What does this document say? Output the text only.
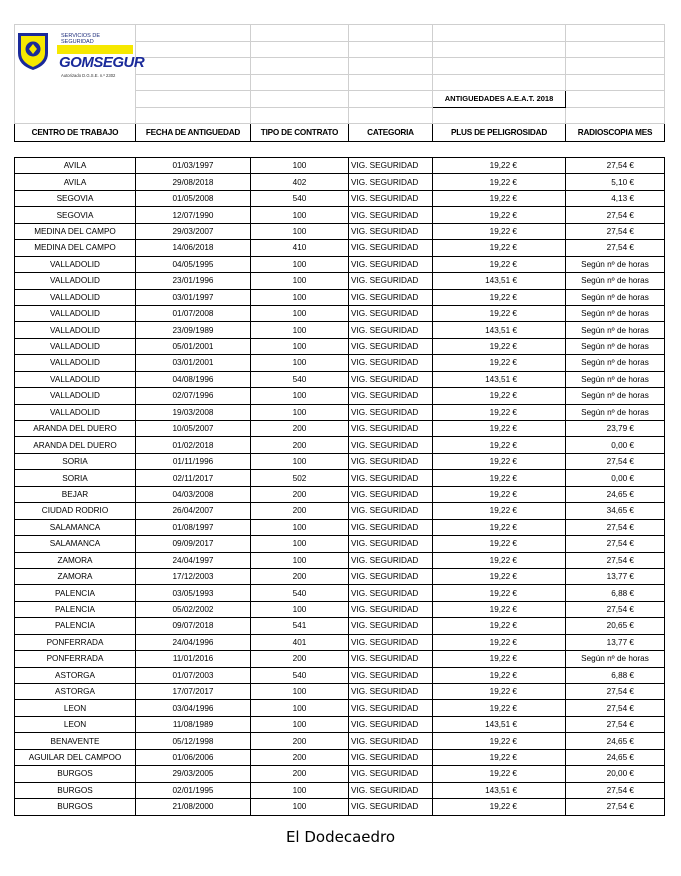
SERVICIOS DE
SEGURIDAD
GOMSEGUR
Autorizado D.G.S.E. n.º 2302					

				ANTIGUEDADES A.E.A.T. 2018	

CENTRO DE TRABAJO	FECHA DE ANTIGUEDAD	TIPO DE CONTRATO	CATEGORIA	PLUS DE PELIGROSIDAD	RADIOSCOPIA MES

AVILA	01/03/1997	100	VIG. SEGURIDAD	19,22 €	27,54 €
AVILA	29/08/2018	402	VIG. SEGURIDAD	19,22 €	5,10 €
SEGOVIA	01/05/2008	540	VIG. SEGURIDAD	19,22 €	4,13 €
SEGOVIA	12/07/1990	100	VIG. SEGURIDAD	19,22 €	27,54 €
MEDINA DEL CAMPO	29/03/2007	100	VIG. SEGURIDAD	19,22 €	27,54 €
MEDINA DEL CAMPO	14/06/2018	410	VIG. SEGURIDAD	19,22 €	27,54 €
VALLADOLID	04/05/1995	100	VIG. SEGURIDAD	19,22 €	Según nº de horas
VALLADOLID	23/01/1996	100	VIG. SEGURIDAD	143,51 €	Según nº de horas
VALLADOLID	03/01/1997	100	VIG. SEGURIDAD	19,22 €	Según nº de horas
VALLADOLID	01/07/2008	100	VIG. SEGURIDAD	19,22 €	Según nº de horas
VALLADOLID	23/09/1989	100	VIG. SEGURIDAD	143,51 €	Según nº de horas
VALLADOLID	05/01/2001	100	VIG. SEGURIDAD	19,22 €	Según nº de horas
VALLADOLID	03/01/2001	100	VIG. SEGURIDAD	19,22 €	Según nº de horas
VALLADOLID	04/08/1996	540	VIG. SEGURIDAD	143,51 €	Según nº de horas
VALLADOLID	02/07/1996	100	VIG. SEGURIDAD	19,22 €	Según nº de horas
VALLADOLID	19/03/2008	100	VIG. SEGURIDAD	19,22 €	Según nº de horas
ARANDA DEL DUERO	10/05/2007	200	VIG. SEGURIDAD	19,22 €	23,79 €
ARANDA DEL DUERO	01/02/2018	200	VIG. SEGURIDAD	19,22 €	0,00 €
SORIA	01/11/1996	100	VIG. SEGURIDAD	19,22 €	27,54 €
SORIA	02/11/2017	502	VIG. SEGURIDAD	19,22 €	0,00 €
BEJAR	04/03/2008	200	VIG. SEGURIDAD	19,22 €	24,65 €
CIUDAD RODRIO	26/04/2007	200	VIG. SEGURIDAD	19,22 €	34,65 €
SALAMANCA	01/08/1997	100	VIG. SEGURIDAD	19,22 €	27,54 €
SALAMANCA	09/09/2017	100	VIG. SEGURIDAD	19,22 €	27,54 €
ZAMORA	24/04/1997	100	VIG. SEGURIDAD	19,22 €	27,54 €
ZAMORA	17/12/2003	200	VIG. SEGURIDAD	19,22 €	13,77 €
PALENCIA	03/05/1993	540	VIG. SEGURIDAD	19,22 €	6,88 €
PALENCIA	05/02/2002	100	VIG. SEGURIDAD	19,22 €	27,54 €
PALENCIA	09/07/2018	541	VIG. SEGURIDAD	19,22 €	20,65 €
PONFERRADA	24/04/1996	401	VIG. SEGURIDAD	19,22 €	13,77 €
PONFERRADA	11/01/2016	200	VIG. SEGURIDAD	19,22 €	Según nº de horas
ASTORGA	01/07/2003	540	VIG. SEGURIDAD	19,22 €	6,88 €
ASTORGA	17/07/2017	100	VIG. SEGURIDAD	19,22 €	27,54 €
LEON	03/04/1996	100	VIG. SEGURIDAD	19,22 €	27,54 €
LEON	11/08/1989	100	VIG. SEGURIDAD	143,51 €	27,54 €
BENAVENTE	05/12/1998	200	VIG. SEGURIDAD	19,22 €	24,65 €
AGUILAR DEL CAMPOO	01/06/2006	200	VIG. SEGURIDAD	19,22 €	24,65 €
BURGOS	29/03/2005	200	VIG. SEGURIDAD	19,22 €	20,00 €
BURGOS	02/01/1995	100	VIG. SEGURIDAD	143,51 €	27,54 €
BURGOS	21/08/2000	100	VIG. SEGURIDAD	19,22 €	27,54 €
El Dodecaedro
